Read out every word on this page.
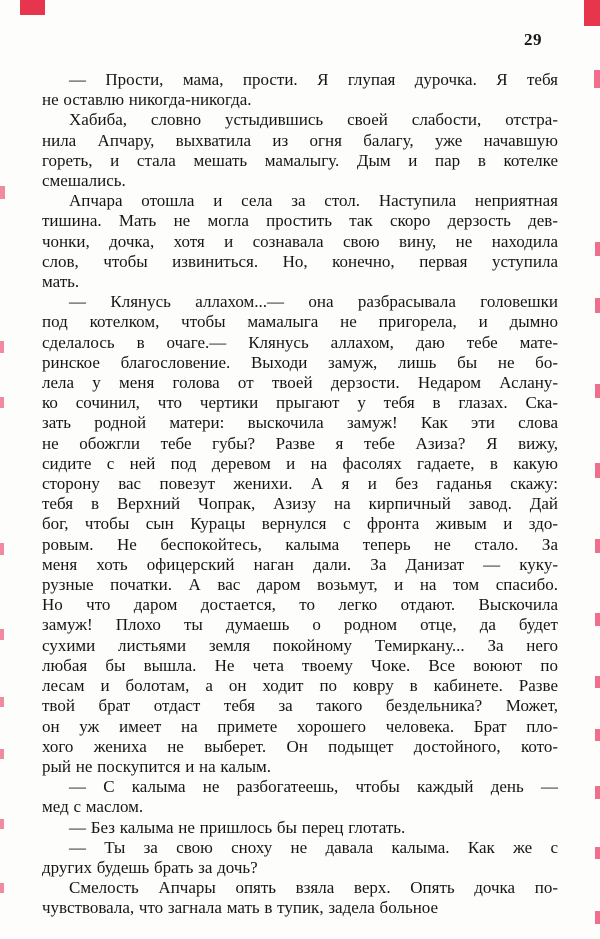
29
— Прости, мама, прости. Я глупая дурочка. Я тебя
не оставлю никогда-никогда.
Хабиба, словно устыдившись своей слабости, отстра-
нила Апчару, выхватила из огня балагу, уже начавшую
гореть, и стала мешать мамалыгу. Дым и пар в котелке
смешались.
Апчара отошла и села за стол. Наступила неприятная
тишина. Мать не могла простить так скоро дерзость дев-
чонки, дочка, хотя и сознавала свою вину, не находила
слов, чтобы извиниться. Но, конечно, первая уступила
мать.
— Клянусь аллахом...— она разбрасывала головешки
под котелком, чтобы мамалыга не пригорела, и дымно
сделалось в очаге.— Клянусь аллахом, даю тебе мате-
ринское благословение. Выходи замуж, лишь бы не бо-
лела у меня голова от твоей дерзости. Недаром Аслану-
ко сочинил, что чертики прыгают у тебя в глазах. Ска-
зать родной матери: выскочила замуж! Как эти слова
не обожгли тебе губы? Разве я тебе Азиза? Я вижу,
сидите с ней под деревом и на фасолях гадаете, в какую
сторону вас повезут женихи. А я и без гаданья скажу:
тебя в Верхний Чопрак, Азизу на кирпичный завод. Дай
бог, чтобы сын Курацы вернулся с фронта живым и здо-
ровым. Не беспокойтесь, калыма теперь не стало. За
меня хоть офицерский наган дали. За Данизат — куку-
рузные початки. А вас даром возьмут, и на том спасибо.
Но что даром достается, то легко отдают. Выскочила
замуж! Плохо ты думаешь о родном отце, да будет
сухими листьями земля покойному Темиркану... За него
любая бы вышла. Не чета твоему Чоке. Все воюют по
лесам и болотам, а он ходит по ковру в кабинете. Разве
твой брат отдаст тебя за такого бездельника? Может,
он уж имеет на примете хорошего человека. Брат пло-
хого жениха не выберет. Он подыщет достойного, кото-
рый не поскупится и на калым.
— С калыма не разбогатеешь, чтобы каждый день —
мед с маслом.
— Без калыма не пришлось бы перец глотать.
— Ты за свою сноху не давала калыма. Как же с
других будешь брать за дочь?
Смелость Апчары опять взяла верх. Опять дочка по-
чувствовала, что загнала мать в тупик, задела больное
